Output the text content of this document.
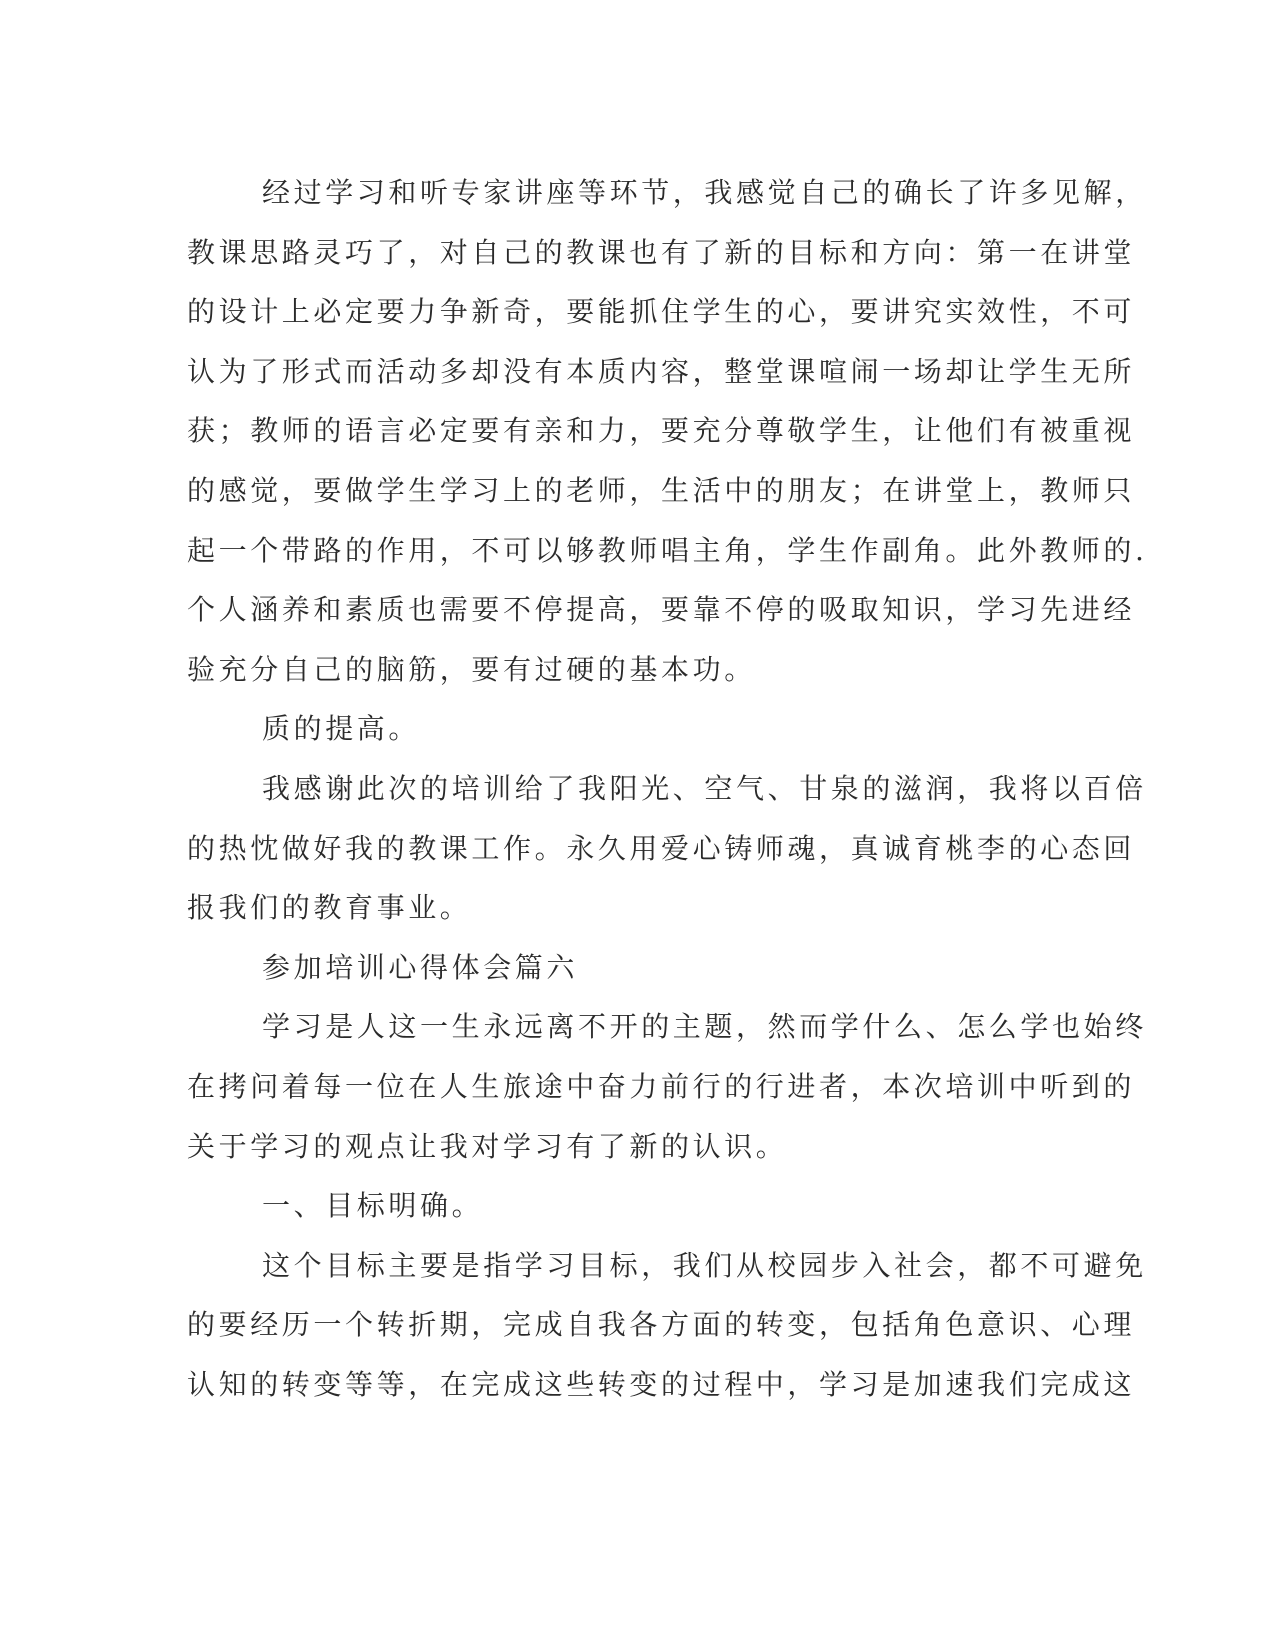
经过学习和听专家讲座等环节，我感觉自己的确长了许多见解，
教课思路灵巧了，对自己的教课也有了新的目标和方向：第一在讲堂
的设计上必定要力争新奇，要能抓住学生的心，要讲究实效性，不可
认为了形式而活动多却没有本质内容，整堂课喧闹一场却让学生无所
获；教师的语言必定要有亲和力，要充分尊敬学生，让他们有被重视
的感觉，要做学生学习上的老师，生活中的朋友；在讲堂上，教师只
起一个带路的作用，不可以够教师唱主角，学生作副角。此外教师的.
个人涵养和素质也需要不停提高，要靠不停的吸取知识，学习先进经
验充分自己的脑筋，要有过硬的基本功。
质的提高。
我感谢此次的培训给了我阳光、空气、甘泉的滋润，我将以百倍
的热忱做好我的教课工作。永久用爱心铸师魂，真诚育桃李的心态回
报我们的教育事业。
参加培训心得体会篇六
学习是人这一生永远离不开的主题，然而学什么、怎么学也始终
在拷问着每一位在人生旅途中奋力前行的行进者，本次培训中听到的
关于学习的观点让我对学习有了新的认识。
一、目标明确。
这个目标主要是指学习目标，我们从校园步入社会，都不可避免
的要经历一个转折期，完成自我各方面的转变，包括角色意识、心理
认知的转变等等，在完成这些转变的过程中，学习是加速我们完成这
